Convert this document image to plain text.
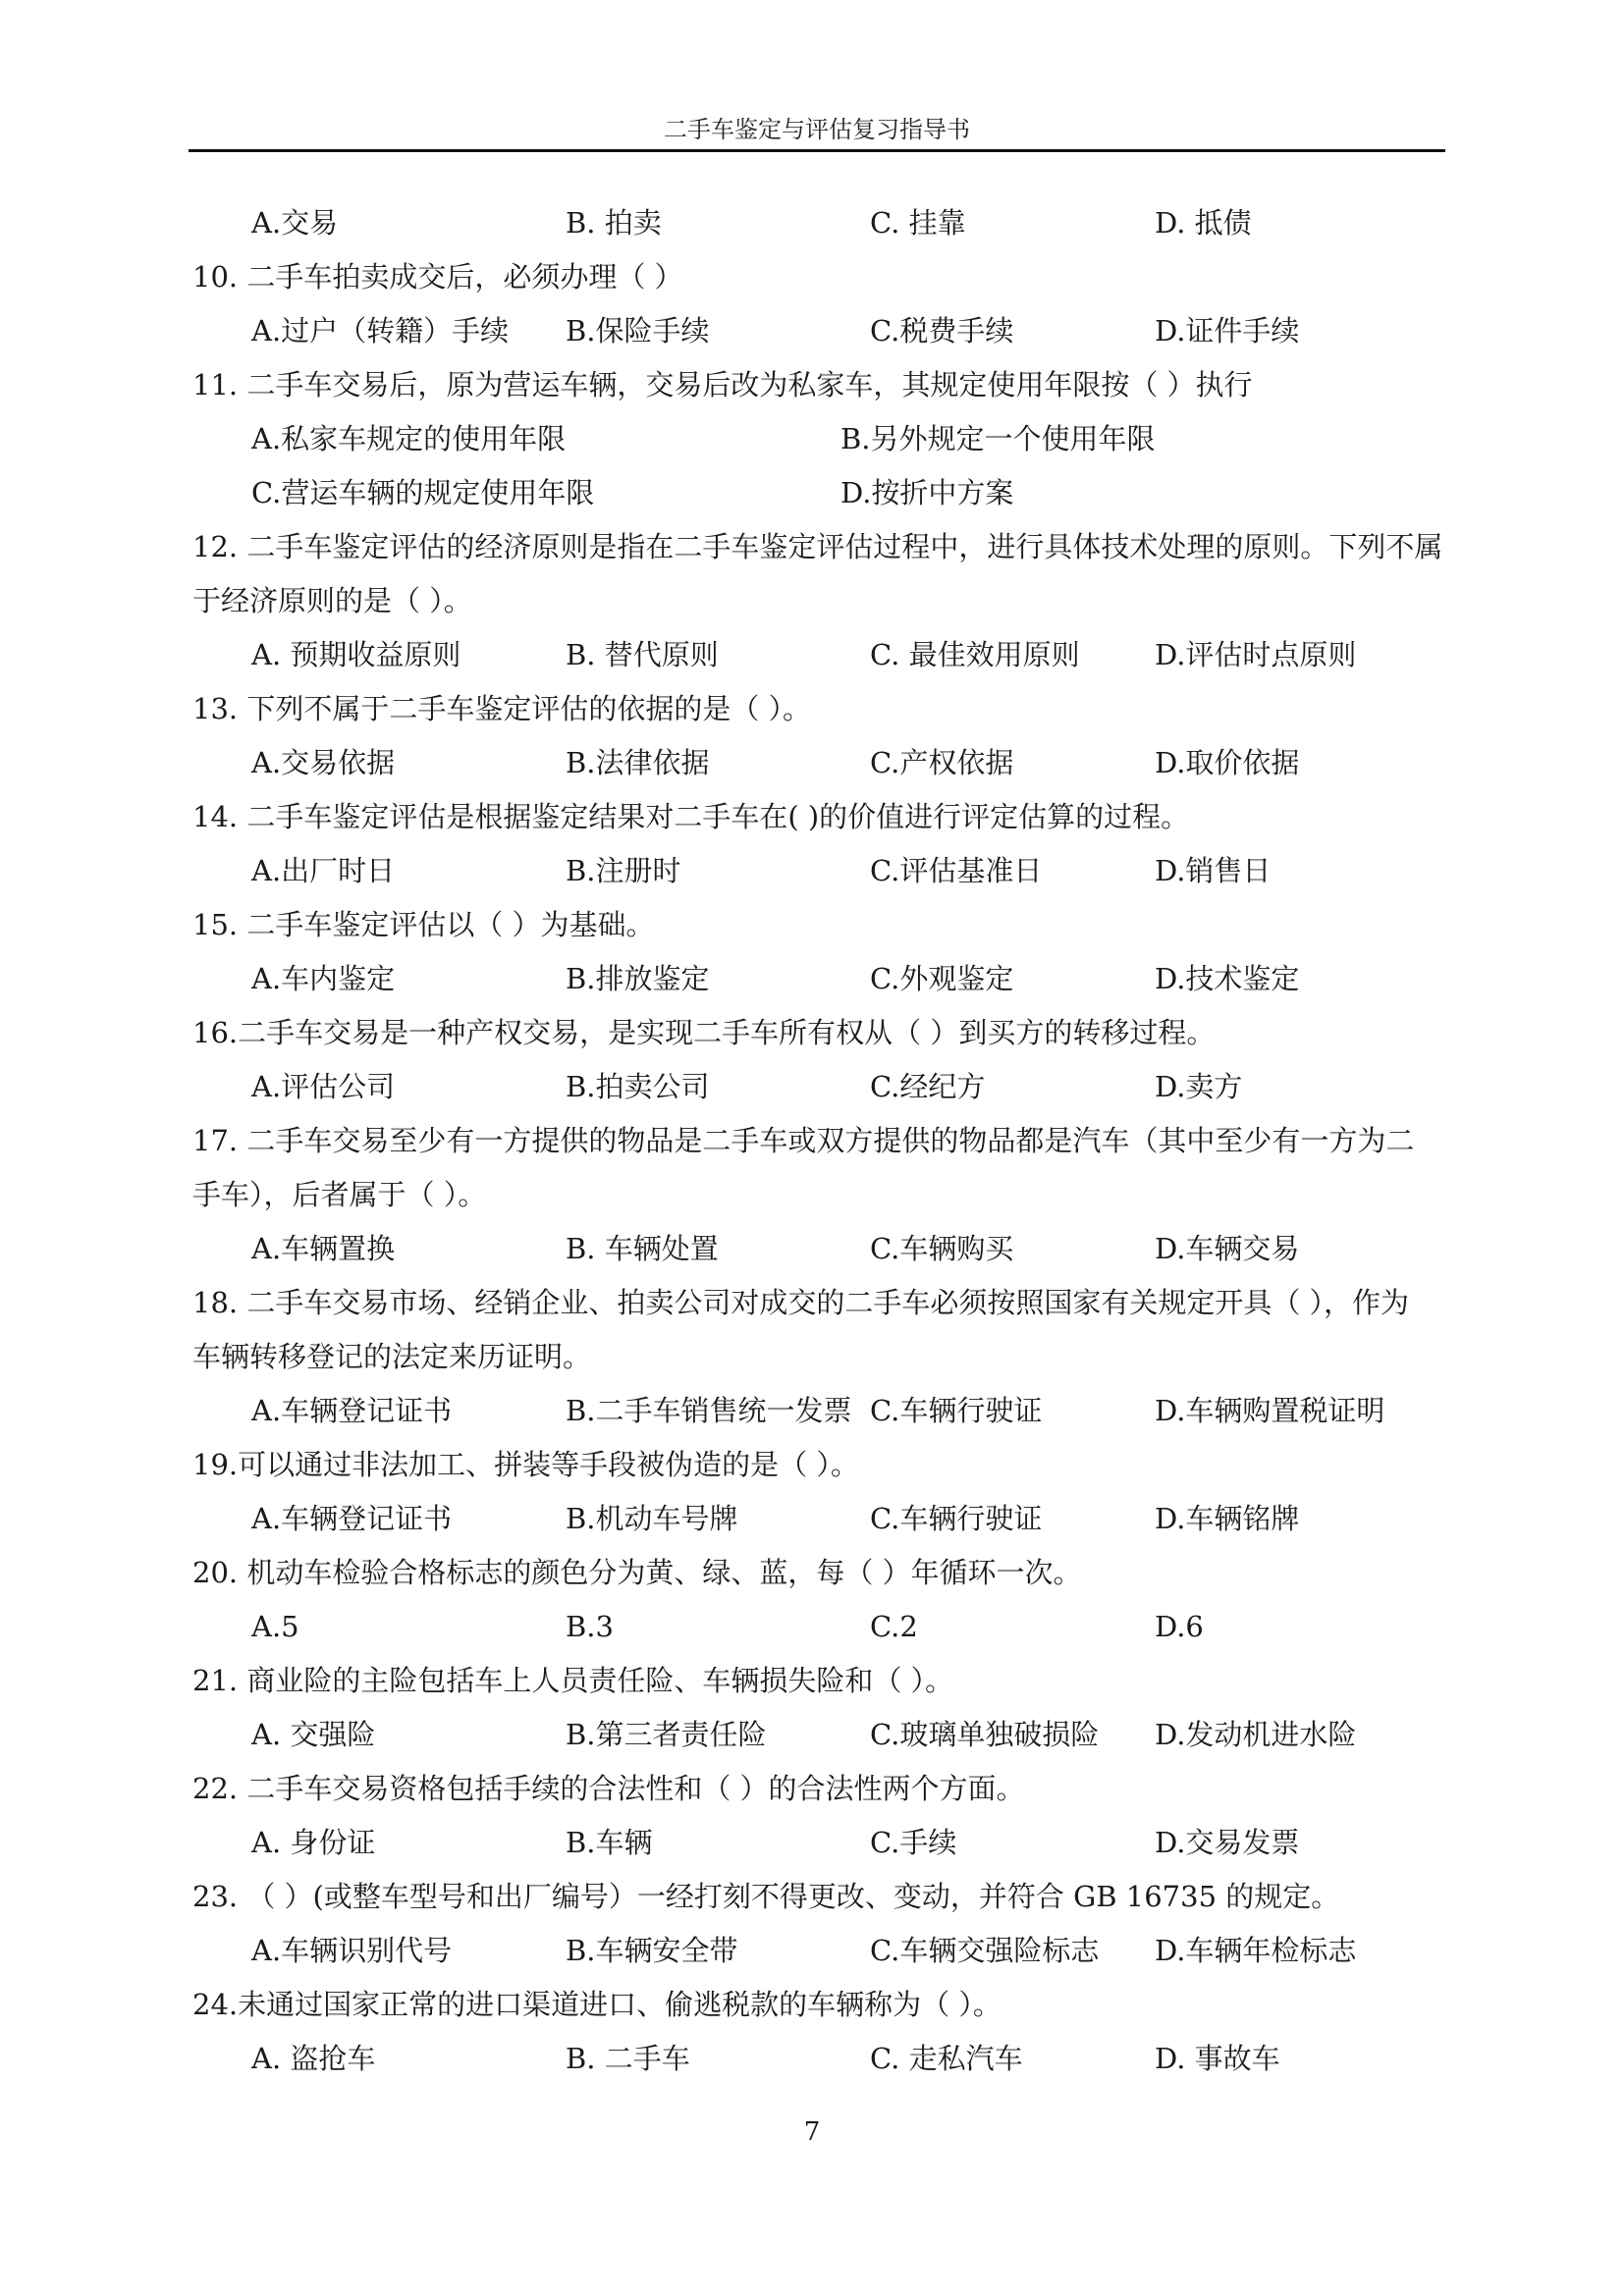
二手车鉴定与评估复习指导书
A.交易	B. 拍卖	C. 挂靠	D. 抵债
10. 二手车拍卖成交后，必须办理（ ）
A.过户（转籍）手续 B.保险手续	C.税费手续	D.证件手续
11. 二手车交易后，原为营运车辆，交易后改为私家车，其规定使用年限按（ ）执行
A.私家车规定的使用年限	B.另外规定一个使用年限
C.营运车辆的规定使用年限	D.按折中方案
12. 二手车鉴定评估的经济原则是指在二手车鉴定评估过程中，进行具体技术处理的原则。下列不属
于经济原则的是（ ）。
A. 预期收益原则	B. 替代原则	C. 最佳效用原则	D.评估时点原则
13. 下列不属于二手车鉴定评估的依据的是（ ）。
A.交易依据	B.法律依据	C.产权依据	D.取价依据
14. 二手车鉴定评估是根据鉴定结果对二手车在( )的价值进行评定估算的过程。
A.出厂时日	B.注册时	C.评估基准日	D.销售日
15. 二手车鉴定评估以（ ）为基础。
A.车内鉴定	B.排放鉴定	C.外观鉴定	D.技术鉴定
16.二手车交易是一种产权交易，是实现二手车所有权从（ ）到买方的转移过程。
A.评估公司	B.拍卖公司	C.经纪方	D.卖方
17. 二手车交易至少有一方提供的物品是二手车或双方提供的物品都是汽车（其中至少有一方为二
手车），后者属于（ ）。
A.车辆置换	B. 车辆处置	C.车辆购买	D.车辆交易
18. 二手车交易市场、经销企业、拍卖公司对成交的二手车必须按照国家有关规定开具（ ），作为
车辆转移登记的法定来历证明。
A.车辆登记证书	B.二手车销售统一发票 C.车辆行驶证	D.车辆购置税证明
19.可以通过非法加工、拼装等手段被伪造的是（ ）。
A.车辆登记证书	B.机动车号牌	C.车辆行驶证	D.车辆铭牌
20. 机动车检验合格标志的颜色分为黄、绿、蓝，每（ ）年循环一次。
A.5	B.3	C.2	D.6
21. 商业险的主险包括车上人员责任险、车辆损失险和（ ）。
A. 交强险	B.第三者责任险	C.玻璃单独破损险 D.发动机进水险
22. 二手车交易资格包括手续的合法性和（ ）的合法性两个方面。
A. 身份证	B.车辆	C.手续	D.交易发票
23. （ ）(或整车型号和出厂编号）一经打刻不得更改、变动，并符合 GB 16735 的规定。
A.车辆识别代号	B.车辆安全带	C.车辆交强险标志 D.车辆年检标志
24.未通过国家正常的进口渠道进口、偷逃税款的车辆称为（ ）。
A. 盗抢车	B. 二手车	C. 走私汽车	D. 事故车
7
